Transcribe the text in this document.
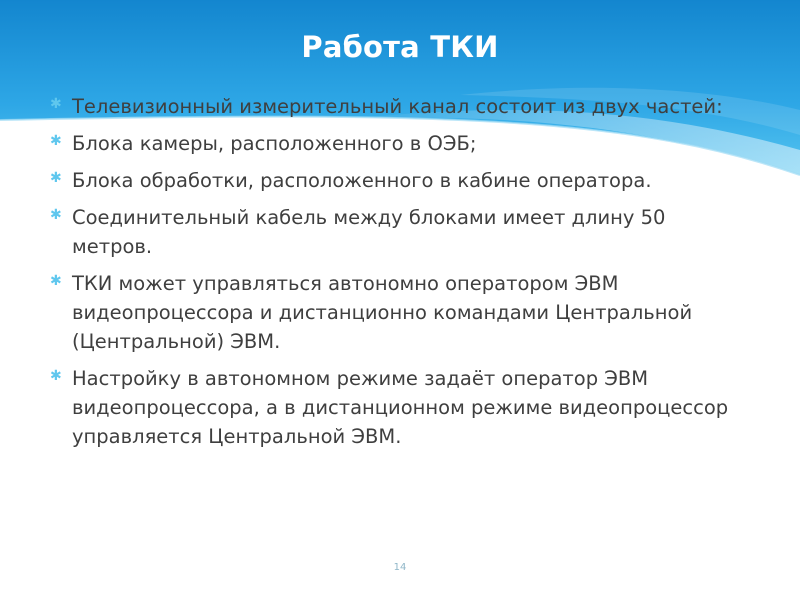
Работа ТКИ
✱ Телевизионный измерительный канал состоит из двух частей:
✱ Блока камеры, расположенного в ОЭБ;
✱ Блока обработки, расположенного в кабине оператора.
✱ Соединительный кабель между блоками имеет длину 50 метров.
✱ ТКИ может управляться автономно оператором ЭВМ видеопроцессора и дистанционно командами Центральной (Центральной) ЭВМ.
✱ Настройку в автономном режиме задаёт оператор ЭВМ видеопроцессора, а в дистанционном режиме видеопроцессор управляется Центральной ЭВМ.
14
